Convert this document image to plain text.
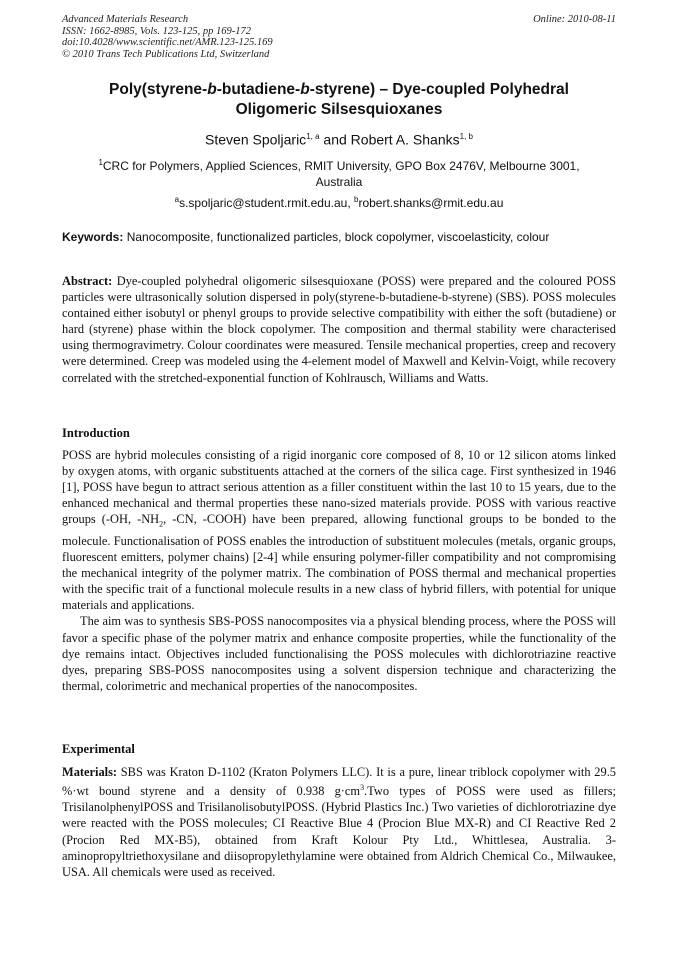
Advanced Materials Research
ISSN: 1662-8985, Vols. 123-125, pp 169-172
doi:10.4028/www.scientific.net/AMR.123-125.169
© 2010 Trans Tech Publications Ltd, Switzerland
Online: 2010-08-11
Poly(styrene-b-butadiene-b-styrene) – Dye-coupled Polyhedral
Oligomeric Silsesquioxanes
Steven Spoljaric$^{1, a}$ and Robert A. Shanks$^{1, b}$
$^1$CRC for Polymers, Applied Sciences, RMIT University, GPO Box 2476V, Melbourne 3001, Australia
$^a$s.spoljaric@student.rmit.edu.au, $^b$robert.shanks@rmit.edu.au
Keywords: Nanocomposite, functionalized particles, block copolymer, viscoelasticity, colour

Abstract: Dye-coupled polyhedral oligomeric silsesquioxane (POSS) were prepared and the coloured POSS particles were ultrasonically solution dispersed in poly(styrene-b-butadiene-b-styrene) (SBS). POSS molecules contained either isobutyl or phenyl groups to provide selective compatibility with either the soft (butadiene) or hard (styrene) phase within the block copolymer. The composition and thermal stability were characterised using thermogravimetry. Colour coordinates were measured. Tensile mechanical properties, creep and recovery were determined. Creep was modeled using the 4-element model of Maxwell and Kelvin-Voigt, while recovery correlated with the stretched-exponential function of Kohlrausch, Williams and Watts.

Introduction

POSS are hybrid molecules consisting of a rigid inorganic core composed of 8, 10 or 12 silicon atoms linked by oxygen atoms, with organic substituents attached at the corners of the silica cage. First synthesized in 1946 [1], POSS have begun to attract serious attention as a filler constituent within the last 10 to 15 years, due to the enhanced mechanical and thermal properties these nano-sized materials provide. POSS with various reactive groups (-OH, $-NH_2$, -CN, -COOH) have been prepared, allowing functional groups to be bonded to the molecule. Functionalisation of POSS enables the introduction of substituent molecules (metals, organic groups, fluorescent emitters, polymer chains) [2-4] while ensuring polymer-filler compatibility and not compromising the mechanical integrity of the polymer matrix. The combination of POSS thermal and mechanical properties with the specific trait of a functional molecule results in a new class of hybrid fillers, with potential for unique materials and applications.

The aim was to synthesis SBS-POSS nanocomposites via a physical blending process, where the POSS will favor a specific phase of the polymer matrix and enhance composite properties, while the functionality of the dye remains intact. Objectives included functionalising the POSS molecules with dichlorotriazine reactive dyes, preparing SBS-POSS nanocomposites using a solvent dispersion technique and characterizing the thermal, colorimetric and mechanical properties of the nanocomposites.

Experimental

Materials: SBS was Kraton D-1102 (Kraton Polymers LLC). It is a pure, linear triblock copolymer with 29.5 %·wt bound styrene and a density of 0.938 $g\cdot cm^3.Two$ types of POSS were used as fillers; TrisilanolphenylPOSS and TrisilanolisobutylPOSS. (Hybrid Plastics Inc.) Two varieties of dichlorotriazine dye were reacted with the POSS molecules; CI Reactive Blue 4 (Procion Blue MX-R) and CI Reactive Red 2 (Procion Red MX-B5), obtained from Kraft Kolour Pty Ltd., Whittlesea, Australia. 3-aminopropyltriethoxysilane and diisopropylethylamine were obtained from Aldrich Chemical Co., Milwaukee, USA. All chemicals were used as received.
